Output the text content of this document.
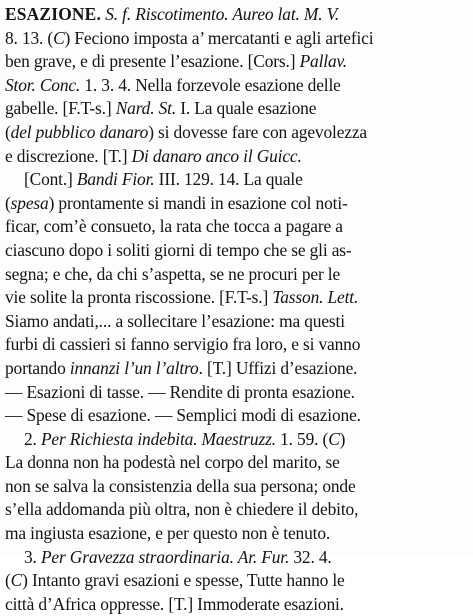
ESAZIONE. S. f. Riscotimento. Aureo lat. M. V.
8. 13. (C) Feciono imposta a’ mercatanti e agli artefici
ben grave, e di presente l’esazione. [Cors.] Pallav.
Stor. Conc. 1. 3. 4. Nella forzevole esazione delle
gabelle. [F.T-s.] Nard. St. I. La quale esazione
(del pubblico danaro) si dovesse fare con agevolezza
e discrezione. [T.] Di danaro anco il Guicc.
[Cont.] Bandi Fior. III. 129. 14. La quale
(spesa) prontamente si mandi in esazione col noti-
ficar, com’è consueto, la rata che tocca a pagare a
ciascuno dopo i soliti giorni di tempo che se gli as-
segna; e che, da chi s’aspetta, se ne procuri per le
vie solite la pronta riscossione. [F.T-s.] Tasson. Lett.
Siamo andati,... a sollecitare l’esazione: ma questi
furbi di cassieri si fanno servigio fra loro, e si vanno
portando innanzi l’un l’altro. [T.] Uffizi d’esazione.
— Esazioni di tasse. — Rendite di pronta esazione.
— Spese di esazione. — Semplici modi di esazione.
2. Per Richiesta indebita. Maestruzz. 1. 59. (C)
La donna non ha podestà nel corpo del marito, se
non se salva la consistenzia della sua persona; onde
s’ella addomanda più oltra, non è chiedere il debito,
ma ingiusta esazione, e per questo non è tenuto.
3. Per Gravezza straordinaria. Ar. Fur. 32. 4.
(C) Intanto gravi esazioni e spesse, Tutte hanno le
città d’Africa oppresse. [T.] Immoderate esazioni.
